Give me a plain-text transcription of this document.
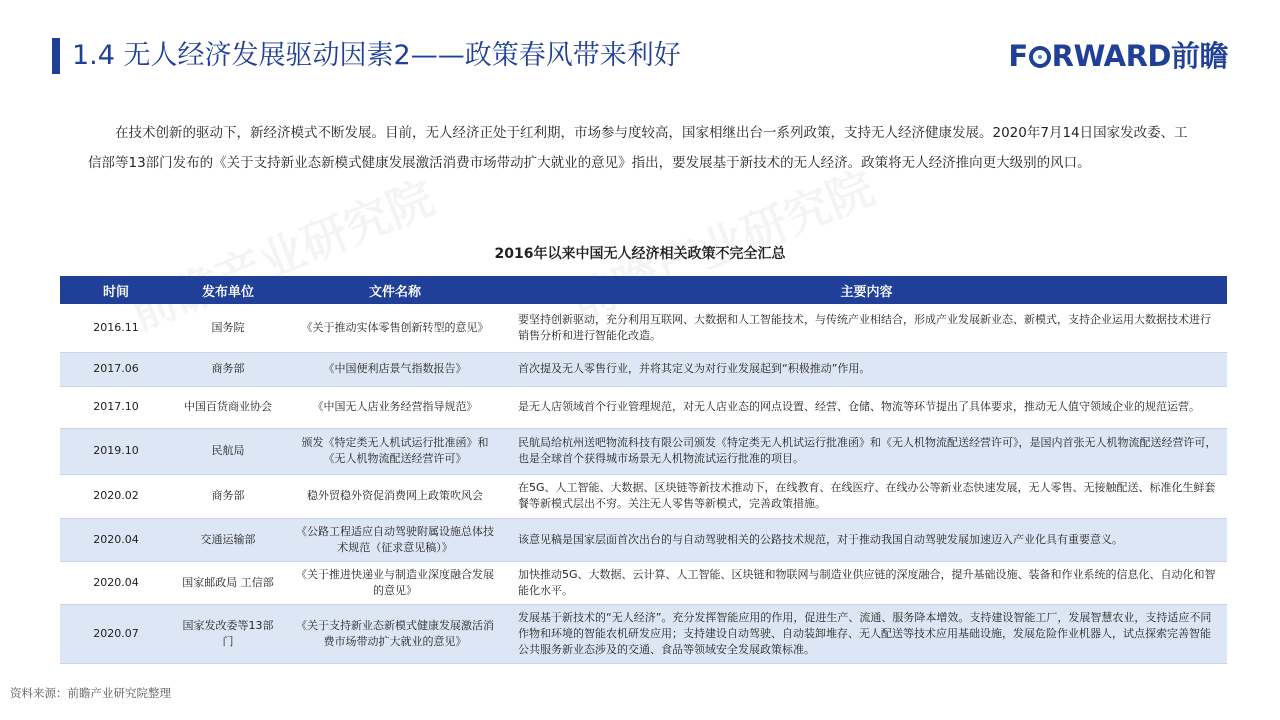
1.4 无人经济发展驱动因素2——政策春风带来利好	F RWARD前瞻

在技术创新的驱动下，新经济模式不断发展。目前，无人经济正处于红利期，市场参与度较高，国家相继出台一系列政策，支持无人经济健康发展。2020年7月14日国家发改委、工信部等13部门发布的《关于支持新业态新模式健康发展激活消费市场带动扩大就业的意见》指出，要发展基于新技术的无人经济。政策将无人经济推向更大级别的风口。

2016年以来中国无人经济相关政策不完全汇总
时间	发布单位	文件名称	主要内容
2016.11	国务院	《关于推动实体零售创新转型的意见》	要坚持创新驱动，充分利用互联网、大数据和人工智能技术，与传统产业相结合，形成产业发展新业态、新模式，支持企业运用大数据技术进行销售分析和进行智能化改造。
2017.06	商务部	《中国便利店景气指数报告》	首次提及无人零售行业，并将其定义为对行业发展起到“积极推动”作用。
2017.10	中国百货商业协会	《中国无人店业务经营指导规范》	是无人店领域首个行业管理规范，对无人店业态的网点设置、经营、仓储、物流等环节提出了具体要求，推动无人值守领域企业的规范运营。
2019.10	民航局	颁发《特定类无人机试运行批准函》和《无人机物流配送经营许可》	民航局给杭州送吧物流科技有限公司颁发《特定类无人机试运行批准函》和《无人机物流配送经营许可》，是国内首张无人机物流配送经营许可，也是全球首个获得城市场景无人机物流试运行批准的项目。
2020.02	商务部	稳外贸稳外资促消费网上政策吹风会	在5G、人工智能、大数据、区块链等新技术推动下，在线教育、在线医疗、在线办公等新业态快速发展，无人零售、无接触配送、标准化生鲜套餐等新模式层出不穷。关注无人零售等新模式，完善政策措施。
2020.04	交通运输部	《公路工程适应自动驾驶附属设施总体技术规范（征求意见稿）》	该意见稿是国家层面首次出台的与自动驾驶相关的公路技术规范，对于推动我国自动驾驶发展加速迈入产业化具有重要意义。
2020.04	国家邮政局 工信部	《关于推进快递业与制造业深度融合发展的意见》	加快推动5G、大数据、云计算、人工智能、区块链和物联网与制造业供应链的深度融合，提升基础设施、装备和作业系统的信息化、自动化和智能化水平。
2020.07	国家发改委等13部门	《关于支持新业态新模式健康发展激活消费市场带动扩大就业的意见》	发展基于新技术的“无人经济”。充分发挥智能应用的作用，促进生产、流通、服务降本增效。支持建设智能工厂，发展智慧农业，支持适应不同作物和环境的智能农机研发应用；支持建设自动驾驶、自动装卸堆存、无人配送等技术应用基础设施，发展危险作业机器人，试点探索完善智能公共服务新业态涉及的交通、食品等领域安全发展政策标准。
资料来源：前瞻产业研究院整理
